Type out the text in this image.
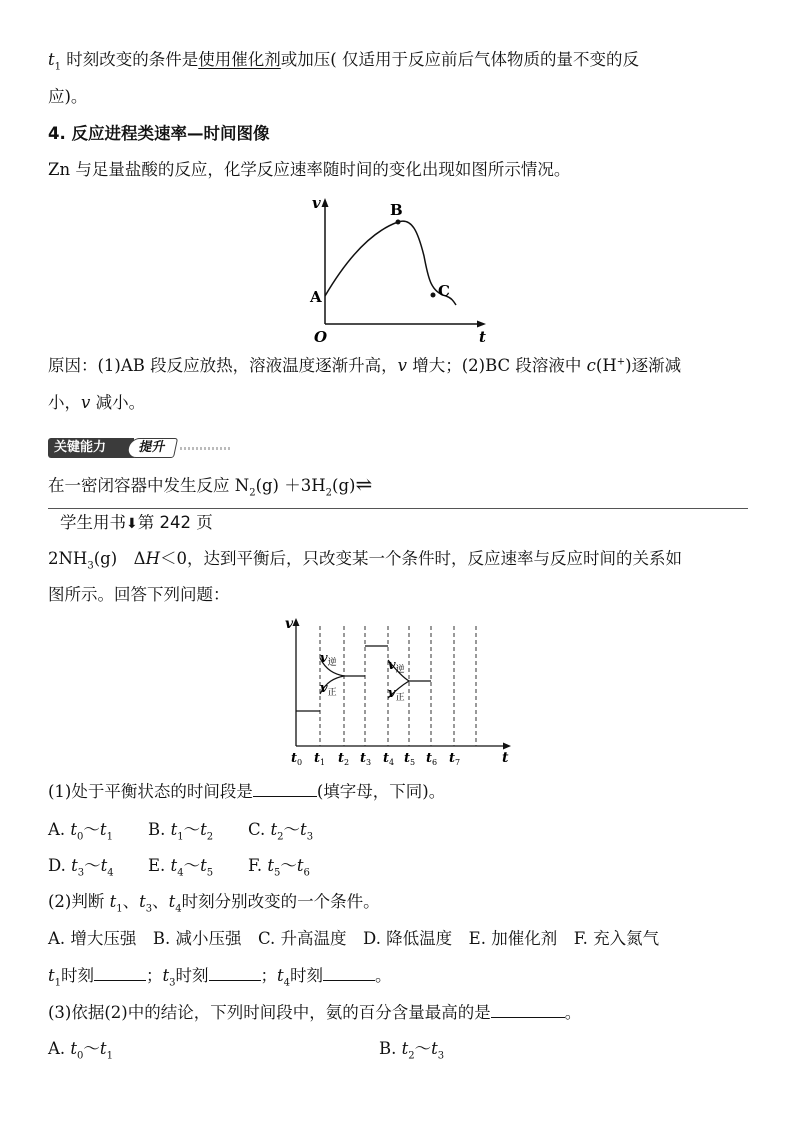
$t_1$ 时刻改变的条件是使用催化剂或加压( 仅适用于反应前后气体物质的量不变的反
应)。
4. 反应进程类速率—时间图像
Zn 与足量盐酸的反应，化学反应速率随时间的变化出现如图所示情况。
v
t
O
A
B
C
原因：(1)AB 段反应放热，溶液温度逐渐升高，v 增大；(2)BC 段溶液中 c(H+)逐渐减
小，v 减小。
关键能力	提升
在一密闭容器中发生反应 $N_2(g)$ $+3H_2(g)\rightleftharpoons$
学生用书⬇第 242 页
$2NH_3(g)$　ΔH＜0，达到平衡后，只改变某一个条件时，反应速率与反应时间的关系如
图所示。回答下列问题：
$v_逆$
$v_正$
$v_逆$
$v_正$
v
t
$t_0$ $t_1$ $t_2$ $t_3$ $t_4$ $t_5$ $t_6$ $t_7$
(1)处于平衡状态的时间段是	(填字母，下同)。
A. $t_0\sim t_1$ B. $t_1\sim t_2$ C. $t_2\sim t_3$
D. $t_3\sim t_4$ E. $t_4\sim t_5$ F. $t_5\sim t_6$
(2)判断 $t_1$、$t_3$、$t_4$时刻分别改变的一个条件。
A. 增大压强　B. 减小压强　C. 升高温度　D. 降低温度　E. 加催化剂　F. 充入氮气
$t_1$时刻	；$t_3$时刻	；$t_4$时刻	。
(3)依据(2)中的结论，下列时间段中，氨的百分含量最高的是	。
A. $t_0\sim t_1$	B. $t_2\sim t_3$
